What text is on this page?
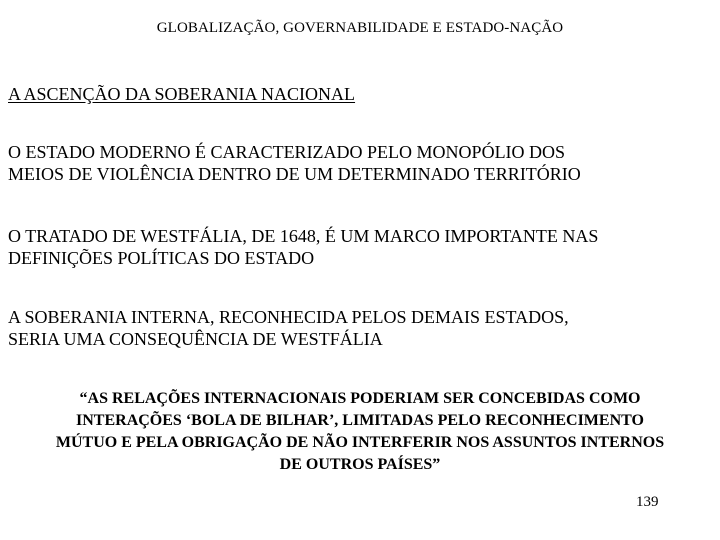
GLOBALIZAÇÃO, GOVERNABILIDADE E ESTADO-NAÇÃO
A ASCENÇÃO DA SOBERANIA NACIONAL
O ESTADO MODERNO É CARACTERIZADO PELO MONOPÓLIO DOS
MEIOS DE VIOLÊNCIA DENTRO DE UM DETERMINADO TERRITÓRIO
O TRATADO DE WESTFÁLIA, DE 1648, É UM MARCO IMPORTANTE NAS
DEFINIÇÕES POLÍTICAS DO ESTADO
A SOBERANIA INTERNA, RECONHECIDA PELOS DEMAIS ESTADOS,
SERIA UMA CONSEQUÊNCIA DE WESTFÁLIA
“AS RELAÇÕES INTERNACIONAIS PODERIAM SER CONCEBIDAS COMO
INTERAÇÕES ‘BOLA DE BILHAR’, LIMITADAS PELO RECONHECIMENTO
MÚTUO E PELA OBRIGAÇÃO DE NÃO INTERFERIR NOS ASSUNTOS INTERNOS
DE OUTROS PAÍSES”
139
